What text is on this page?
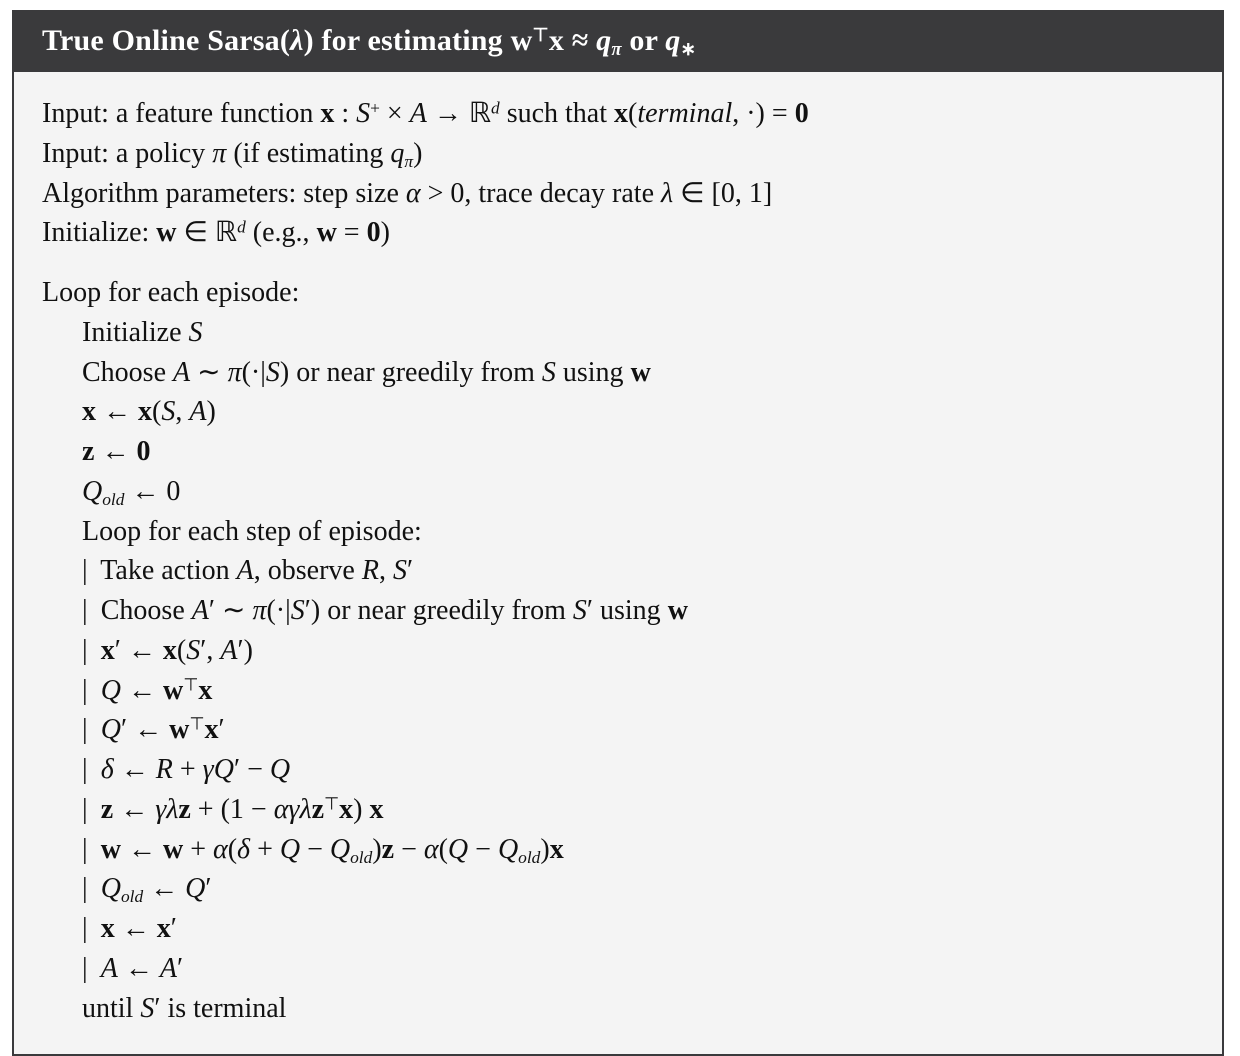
True Online Sarsa(λ) for estimating $w^⊤x \approx q_\pi$ or $q_∗$
Input: a feature function x : S+ × A → ℝ$^d$ such that x(terminal, ·) = 0
Input: a policy π (if estimating $q_\pi$)
Algorithm parameters: step size α > 0, trace decay rate λ ∈ [0, 1]
Initialize: w ∈ ℝ$^d$ (e.g., w = 0)
Loop for each episode:
Initialize S
Choose A ∼ π(·|S) or near greedily from S using w
x ← x(S, A)
z ← 0
$Q_{old}$ ← 0
Loop for each step of episode:
| Take action A, observe R, S′
| Choose A′ ∼ π(·|S′) or near greedily from S′ using w
| x′ ← x(S′, A′)
| Q ← w⊤x
| Q′ ← w⊤x′
| δ ← R + γQ′ − Q
| z ← γλz + (1 − αγλz⊤x) x
| w ← $w + \alpha(\delta + Q - Q_{old})z - \alpha(Q - Q_{old})x$
| $Q_{old}$ ← Q′
| x ← x′
| A ← A′
until S′ is terminal
